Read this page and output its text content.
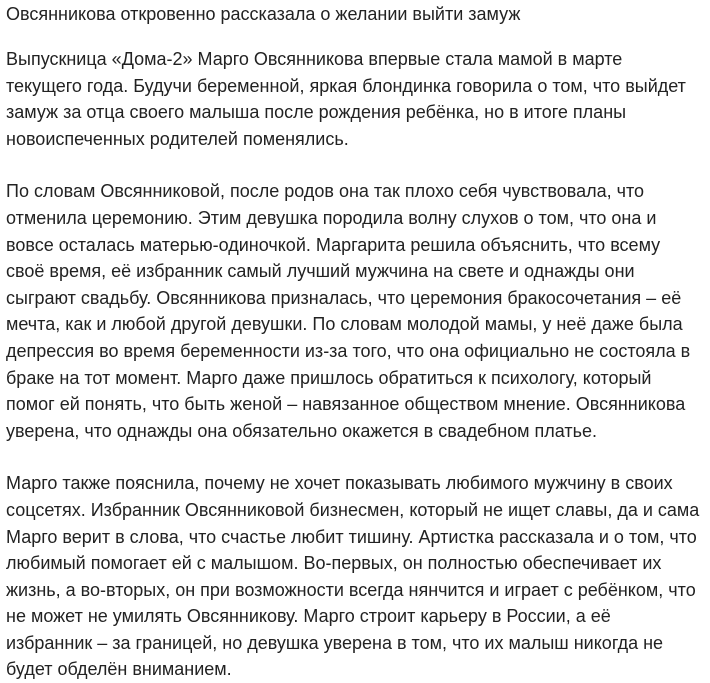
Овсянникова откровенно рассказала о желании выйти замуж

Выпускница «Дома-2» Марго Овсянникова впервые стала мамой в марте
текущего года. Будучи беременной, яркая блондинка говорила о том, что выйдет
замуж за отца своего малыша после рождения ребёнка, но в итоге планы
новоиспеченных родителей поменялись.

По словам Овсянниковой, после родов она так плохо себя чувствовала, что
отменила церемонию. Этим девушка породила волну слухов о том, что она и
вовсе осталась матерью-одиночкой. Маргарита решила объяснить, что всему
своё время, её избранник самый лучший мужчина на свете и однажды они
сыграют свадьбу. Овсянникова призналась, что церемония бракосочетания – её
мечта, как и любой другой девушки. По словам молодой мамы, у неё даже была
депрессия во время беременности из-за того, что она официально не состояла в
браке на тот момент. Марго даже пришлось обратиться к психологу, который
помог ей понять, что быть женой – навязанное обществом мнение. Овсянникова
уверена, что однажды она обязательно окажется в свадебном платье.

Марго также пояснила, почему не хочет показывать любимого мужчину в своих
соцсетях. Избранник Овсянниковой бизнесмен, который не ищет славы, да и сама
Марго верит в слова, что счастье любит тишину. Артистка рассказала и о том, что
любимый помогает ей с малышом. Во-первых, он полностью обеспечивает их
жизнь, а во-вторых, он при возможности всегда нянчится и играет с ребёнком, что
не может не умилять Овсянникову. Марго строит карьеру в России, а её
избранник – за границей, но девушка уверена в том, что их малыш никогда не
будет обделён вниманием.
